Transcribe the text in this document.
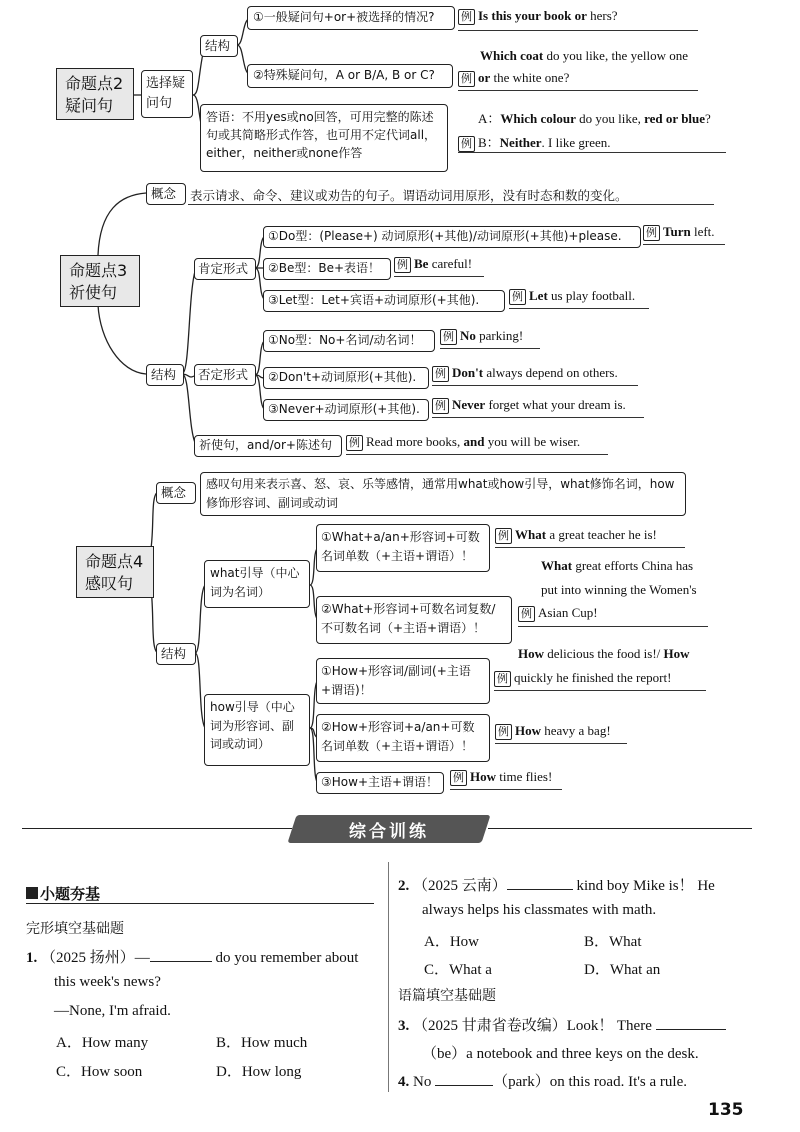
命题点2
疑问句
选择疑
问句
结构
①一般疑问句+or+被选择的情况?	例 Is this your book or hers?
②特殊疑问句，A or B/A, B or C?
Which coat do you like, the yellow one
例 or the white one?
答语：不用yes或no回答，可用完整的陈述句或其简略形式作答，也可用不定代词all，either，neither或none作答
A：Which colour do you like, red or blue?
例 B：Neither. I like green.
命题点3
祈使句
概念	表示请求、命令、建议或劝告的句子。谓语动词用原形，没有时态和数的变化。
结构
肯定形式
否定形式
①Do型：(Please+) 动词原形(+其他)/动词原形(+其他)+please.	例 Turn left.
②Be型：Be+表语！	例 Be careful!
③Let型：Let+宾语+动词原形(+其他).	例 Let us play football.
①No型：No+名词/动名词！	例 No parking!
②Don't+动词原形(+其他).	例 Don't always depend on others.
③Never+动词原形(+其他).	例 Never forget what your dream is.
祈使句，and/or+陈述句	例 Read more books, and you will be wiser.
命题点4
感叹句
概念
感叹句用来表示喜、怒、哀、乐等感情，通常用what或how引导，what修饰名词，how修饰形容词、副词或动词
结构
what引导（中心词为名词）
how引导（中心词为形容词、副词或动词）
①What+a/an+形容词+可数名词单数（+主语+谓语）！
例 What a great teacher he is!
②What+形容词+可数名词复数/不可数名词（+主语+谓语）！
What great efforts China has
put into winning the Women's
例 Asian Cup!
①How+形容词/副词(+主语+谓语)！
How delicious the food is!/ How
例 quickly he finished the report!
②How+形容词+a/an+可数名词单数（+主语+谓语）！
例 How heavy a bag!
③How+主语+谓语！	例 How time flies!
综合训练
小题夯基
完形填空基础题
1. （2025 扬州）—	do you remember about
this week's news?
—None, I'm afraid.
A．How many	B．How much
C．How soon	D．How long
2. （2025 云南）	kind boy Mike is！ He
always helps his classmates with math.
A．How	B．What
C．What a	D．What an
语篇填空基础题
3. （2025 甘肃省卷改编）Look！ There
（be）a notebook and three keys on the desk.
4. No	（park）on this road. It's a rule.
135
